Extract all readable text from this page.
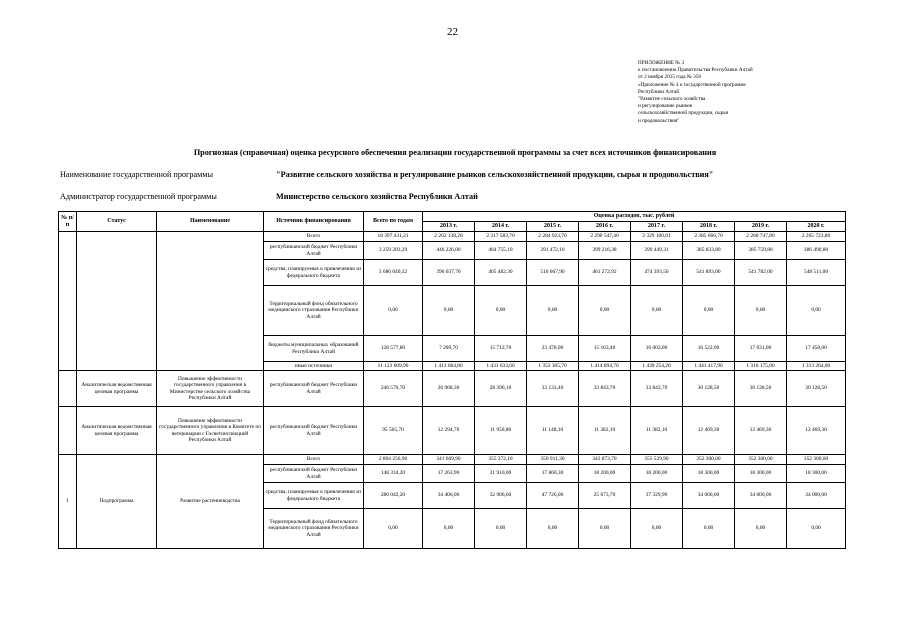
22
ПРИЛОЖЕНИЕ № 3
к постановлению Правительства Республики Алтай
от 2 ноября 2015 года № 358
«Приложение № 4 к государственной программе
Республики Алтай
"Развитие сельского хозяйства
и регулирование рынков
сельскохозяйственной продукции, сырья
и продовольствия"
Прогнозная (справочная) оценка ресурсного обеспечения реализации государственной программы за счет всех источников финансирования
Наименование государственной программы	"Развитие сельского хозяйства и регулирование рынков сельскохозяйственной продукции, сырья и продовольствия"
Администратор государственной программы	Министерство сельского хозяйства Республики Алтай
№ п/п	Статус	Наименование	Источник финансирования	Всего по годам	Оценка расходов, тыс. рублей							
					2013 г.	2014 г.	2015 г.	2016 г.	2017 г.	2018 г.	2019 г.	2020 г.
			Всего	18 397 431,21	2 263 138,20	2 317 583,70	2 284 923,70	2 290 547,40	2 329 100,01	2 385 666,70	2 260 747,80	2 265 723,80
			республиканский бюджет Республики Алтай	3 259 203,29	446 226,00	464 755,10	391 472,10	399 216,38	399 449,31	385 833,80	385 759,80	386 490,80
			средства, планируемые к привлечению из федерального бюджета	3 686 040,32	396 037,70	405 482,30	516 667,90	461 272,92	474 393,50	541 893,00	541 782,00	548 511,00
			Территориальный фонд обязательного медицинского страхования Республики Алтай	0,00	0,00	0,00	0,00	0,00	0,00	0,00	0,00	0,00
			бюджеты муниципальных образований Республики Алтай	128 577,80	7 209,70	15 712,70	23 478,00	15 163,40	16 003,00	16 522,00	17 031,00	17 458,00
			иные источники	11 123 609,90	1 413 664,80	1 431 633,60	1 353 305,70	1 414 894,70	1 439 254,20	1 441 417,90	1 316 175,00	1 313 264,00
	Аналитическая ведомственная целевая программа	Повышение эффективности государственного управления в Министерстве сельского хозяйства Республики Алтай	республиканский бюджет Республики Алтай	246 570,70	26 968,30	28 396,10	33 133,40	33 843,70	33 843,70	30 128,50	30 128,50	30 128,50
	Аналитическая ведомственная целевая программа	Повышение эффективности государственного управления в Комитете по ветеринарии с Госветинспекцией Республики Алтай	республиканский бюджет Республики Алтай	95 565,70	12 294,70	11 950,80	11 148,10	11 382,10	11 382,10	12 469,30	12 469,30	12 469,30
1	Подпрограмма	Развитие растениеводства	Всего	2 804 256,90	341 669,90	355 372,10	350 911,30	343 873,70	355 529,90	352 300,00	352 300,00	352 300,00
			республиканский бюджет Республики Алтай	148 334,20	17 263,90	21 910,00	17 860,30	18 200,00	18 200,00	18 300,00	18 300,00	18 300,00
			средства, планируемые к привлечению из федерального бюджета	280 042,20	34 406,00	32 906,60	47 726,00	25 673,70	37 329,90	34 000,00	34 000,00	34 000,00
			Территориальный фонд обязательного медицинского страхования Республики Алтай	0,00	0,00	0,00	0,00	0,00	0,00	0,00	0,00	0,00
